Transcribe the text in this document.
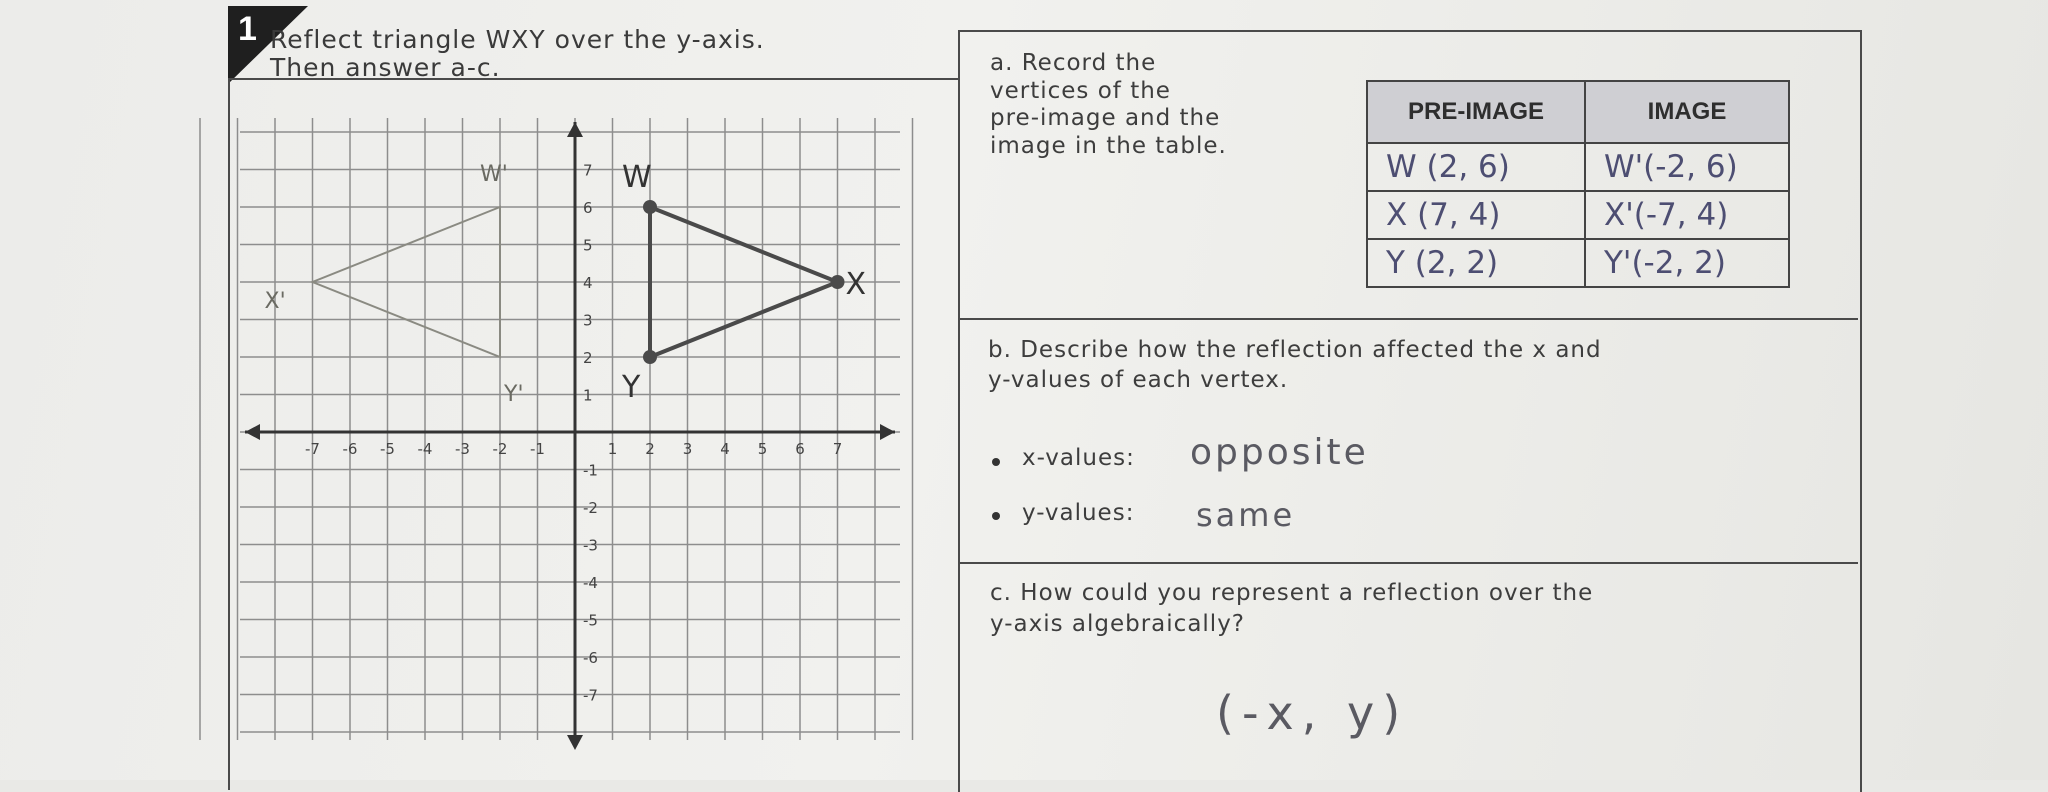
1 Reflect triangle WXY over the y-axis.
Then answer a-c.
-7 -6 -5 -4 -3 -2 -1	1 2 3 4 5 6 7
7
6
5
4
3
2
1
-1
-2
-3
-4
-5
-6
-7
W
X
Y
W'
X'
Y'
a. Record the
vertices of the
pre-image and the
image in the table.
PRE-IMAGE	IMAGE
W (2, 6)	W'(-2, 6)
X (7, 4)	X'(-7, 4)
Y (2, 2)	Y'(-2, 2)
b. Describe how the reflection affected the x and
y-values of each vertex.
x-values: opposite
y-values: same
c. How could you represent a reflection over the
y-axis algebraically?
(-x, y)
